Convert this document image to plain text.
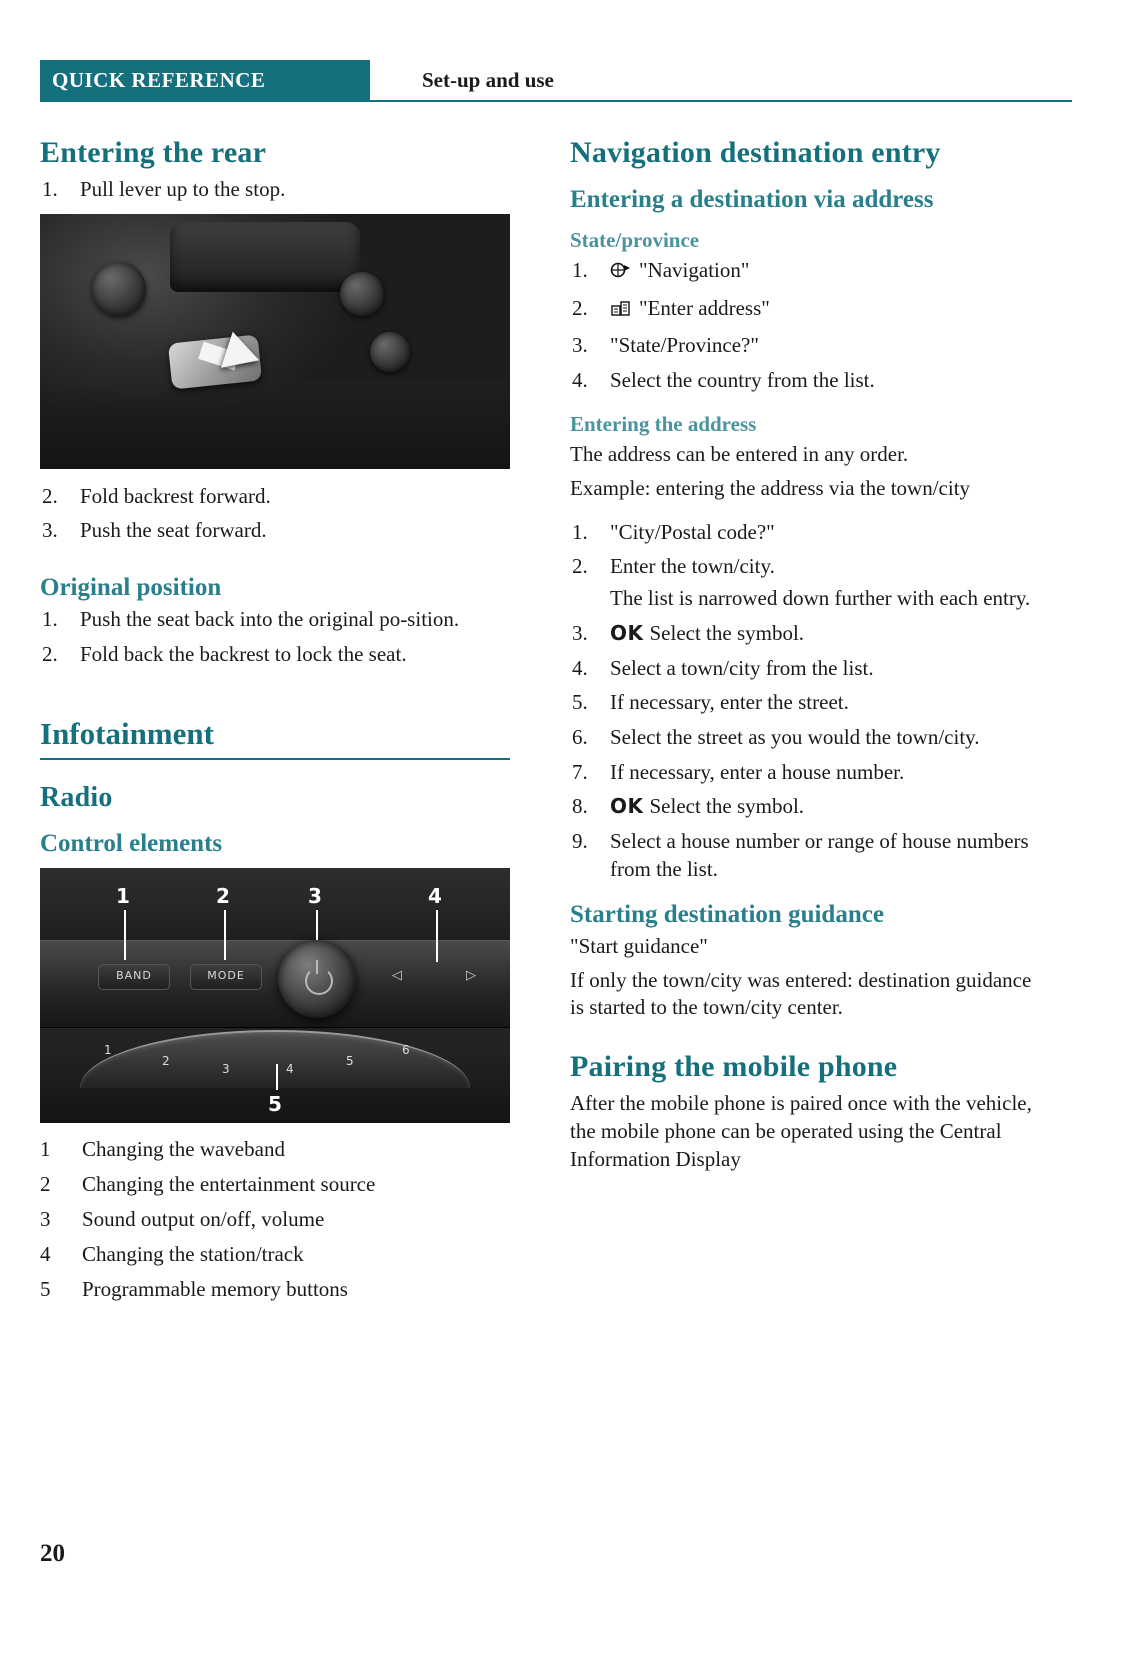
QUICK REFERENCE	Set-up and use
Entering the rear
Pull lever up to the stop.
Fold backrest forward.
Push the seat forward.
Original position
Push the seat back into the original po-sition.
Fold back the backrest to lock the seat.
Infotainment
Radio
Control elements
BAND	MODE	◁	▷
1
2
3	4
5
6
1	2	3	4
5
1	Changing the waveband
2	Changing the entertainment source
3	Sound output on/off, volume
4	Changing the station/track
5	Programmable memory buttons
Navigation destination entry
Entering a destination via address
State/province
"Navigation"
"Enter address"
"State/Province?"
Select the country from the list.
Entering the address

The address can be entered in any order.

Example: entering the address via the town/city

"City/Postal code?"
Enter the town/city.
The list is narrowed down further with each entry.
OK Select the symbol.
Select a town/city from the list.
If necessary, enter the street.
Select the street as you would the town/city.
If necessary, enter a house number.
OK Select the symbol.
Select a house number or range of house numbers from the list.
Starting destination guidance

"Start guidance"

If only the town/city was entered: destination guidance is started to the town/city center.

Pairing the mobile phone

After the mobile phone is paired once with the vehicle, the mobile phone can be operated using the Central Information Display

20
